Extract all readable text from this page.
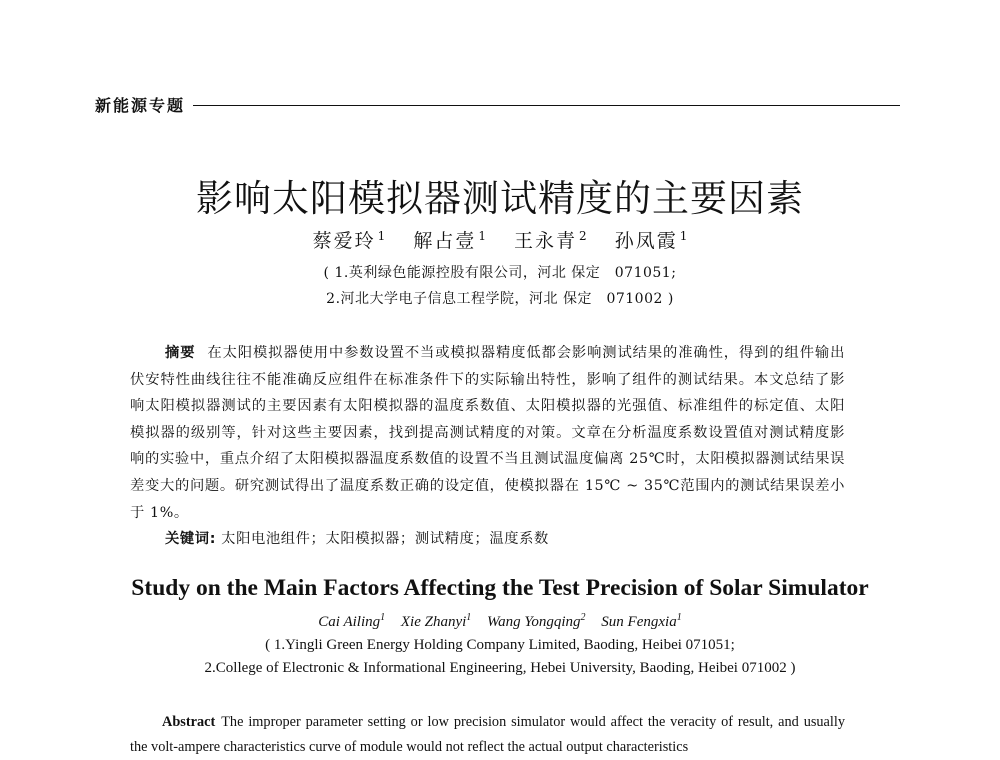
新能源专题
影响太阳模拟器测试精度的主要因素
蔡爱玲 $^1$ 解占壹 $^1$ 王永青 $^2$ 孙凤霞 $^1$
( 1.英利绿色能源控股有限公司，河北 保定　071051;
2.河北大学电子信息工程学院，河北 保定　071002 )

摘要 在太阳模拟器使用中参数设置不当或模拟器精度低都会影响测试结果的准确性，得到的组件输出伏安特性曲线往往不能准确反应组件在标准条件下的实际输出特性，影响了组件的测试结果。本文总结了影响太阳模拟器测试的主要因素有太阳模拟器的温度系数值、太阳模拟器的光强值、标准组件的标定值、太阳模拟器的级别等，针对这些主要因素，找到提高测试精度的对策。文章在分析温度系数设置值对测试精度影响的实验中，重点介绍了太阳模拟器温度系数值的设置不当且测试温度偏离 25℃时，太阳模拟器测试结果误差变大的问题。研究测试得出了温度系数正确的设定值，使模拟器在 15℃ ~ 35℃范围内的测试结果误差小于 1%。

关键词: 太阳电池组件；太阳模拟器；测试精度；温度系数
Study on the Main Factors Affecting the Test Precision of Solar Simulator
Cai Ailing$^1$ Xie Zhanyi$^1$ Wang Yongqing$^2$ Sun Fengxia$^1$
( 1.Yingli Green Energy Holding Company Limited, Baoding, Heibei 071051;
2.College of Electronic & Informational Engineering, Hebei University, Baoding, Heibei 071002 )

Abstract The improper parameter setting or low precision simulator would affect the veracity of result, and usually the volt-ampere characteristics curve of module would not reflect the actual output characteristics
